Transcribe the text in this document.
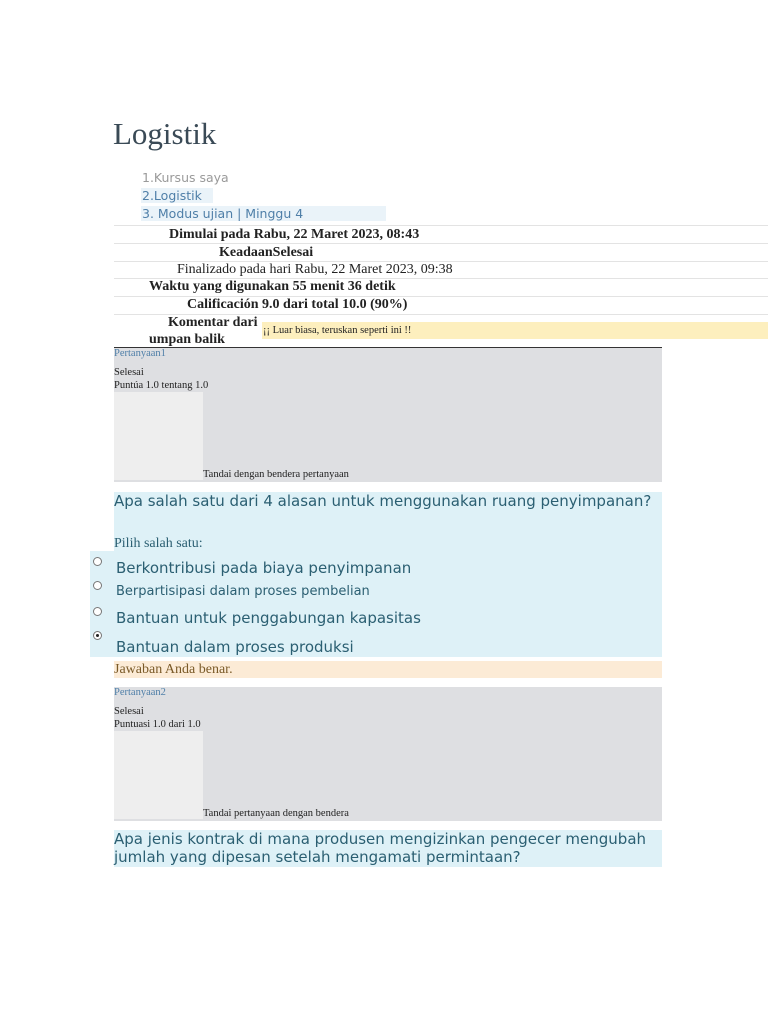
Logistik
1.Kursus saya
2.Logistik
3. Modus ujian | Minggu 4
Dimulai pada Rabu, 22 Maret 2023, 08:43
KeadaanSelesai
Finalizado pada hari Rabu, 22 Maret 2023, 09:38
Waktu yang digunakan 55 menit 36 detik
Calificación 9.0 dari total 10.0 (90%)
Komentar dari
umpan balik
¡¡ Luar biasa, teruskan seperti ini !!
Pertanyaan1
Selesai
Puntúa 1.0 tentang 1.0
Tandai dengan bendera pertanyaan
Apa salah satu dari 4 alasan untuk menggunakan ruang penyimpanan?
Pilih salah satu:
Berkontribusi pada biaya penyimpanan
Berpartisipasi dalam proses pembelian
Bantuan untuk penggabungan kapasitas
Bantuan dalam proses produksi
Jawaban Anda benar.
Pertanyaan2
Selesai
Puntuasi 1.0 dari 1.0
Tandai pertanyaan dengan bendera
Apa jenis kontrak di mana produsen mengizinkan pengecer mengubah jumlah yang dipesan setelah mengamati permintaan?
